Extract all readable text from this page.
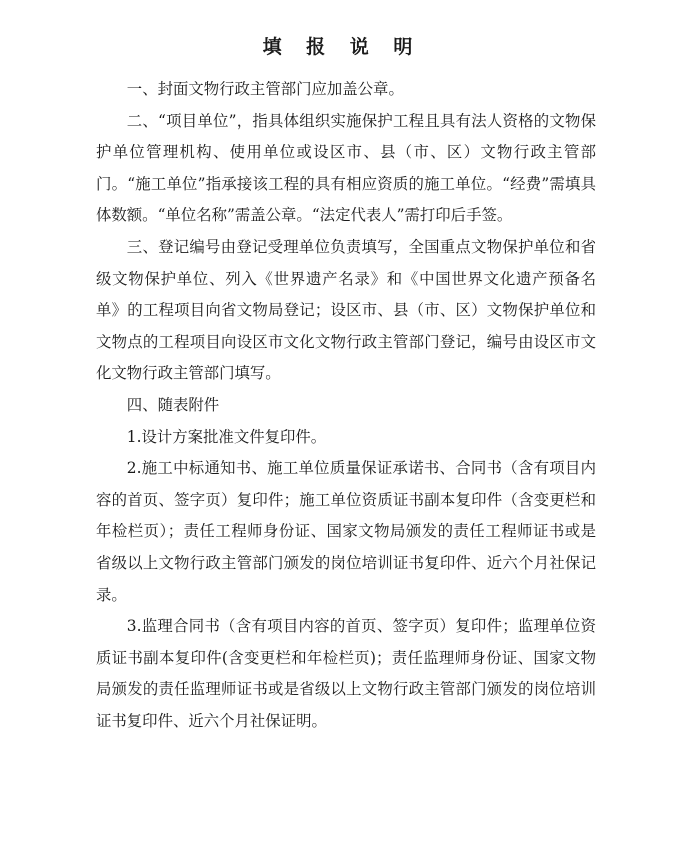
填 报 说 明

一、封面文物行政主管部门应加盖公章。

二、“项目单位”，指具体组织实施保护工程且具有法人资格的文物保护单位管理机构、使用单位或设区市、县（市、区）文物行政主管部门。“施工单位”指承接该工程的具有相应资质的施工单位。“经费”需填具体数额。“单位名称”需盖公章。“法定代表人”需打印后手签。

三、登记编号由登记受理单位负责填写，全国重点文物保护单位和省级文物保护单位、列入《世界遗产名录》和《中国世界文化遗产预备名单》的工程项目向省文物局登记；设区市、县（市、区）文物保护单位和文物点的工程项目向设区市文化文物行政主管部门登记，编号由设区市文化文物行政主管部门填写。

四、随表附件

1.设计方案批准文件复印件。

2.施工中标通知书、施工单位质量保证承诺书、合同书（含有项目内容的首页、签字页）复印件；施工单位资质证书副本复印件（含变更栏和年检栏页）；责任工程师身份证、国家文物局颁发的责任工程师证书或是省级以上文物行政主管部门颁发的岗位培训证书复印件、近六个月社保记录。

3.监理合同书（含有项目内容的首页、签字页）复印件；监理单位资质证书副本复印件(含变更栏和年检栏页)；责任监理师身份证、国家文物局颁发的责任监理师证书或是省级以上文物行政主管部门颁发的岗位培训证书复印件、近六个月社保证明。
